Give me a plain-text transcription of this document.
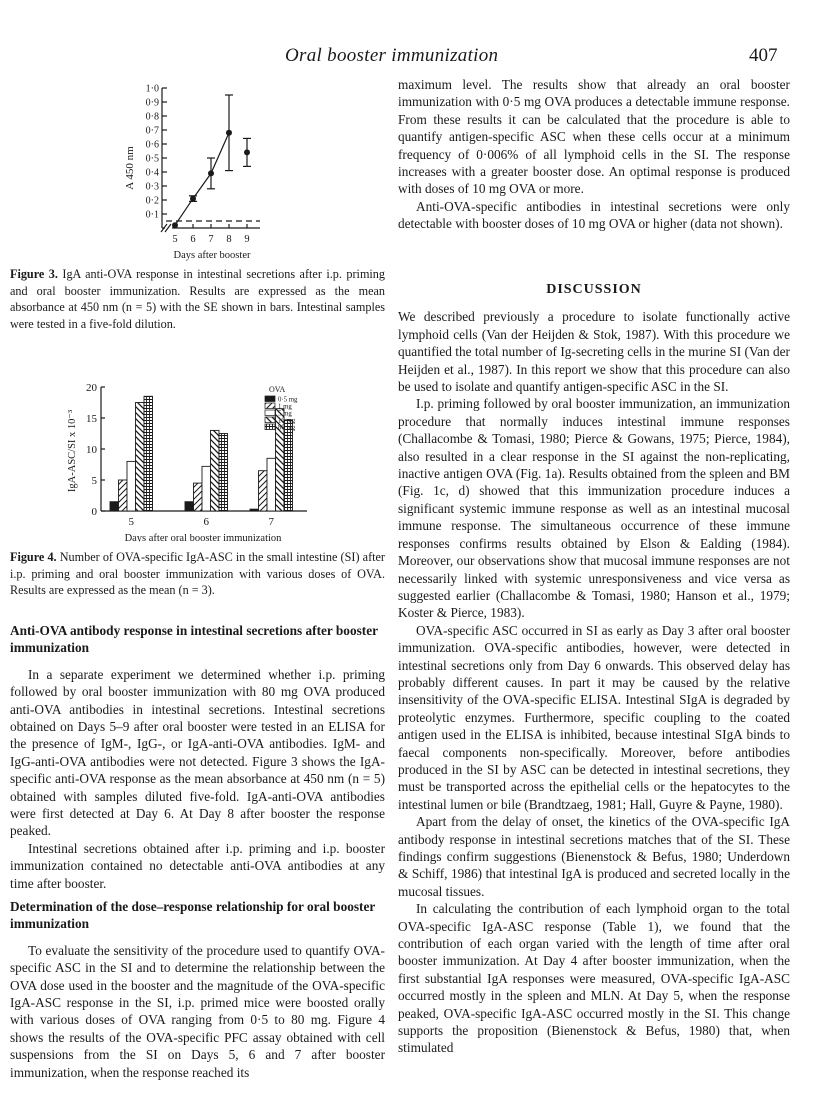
Oral booster immunization	407
0·1
0·2
0·3
0·4
0·5
0·6
0·7
0·8
0·9
1·0
5 6 7 8 9
A 450 nm
Days after booster
Figure 3. IgA anti-OVA response in intestinal secretions after i.p. priming and oral booster immunization. Results are expressed as the mean absorbance at 450 nm (n = 5) with the SE shown in bars. Intestinal samples were tested in a five-fold dilution.
0
5
10
15
20
5	6	7
IgA-ASC/SI x 10⁻³
Days after oral booster immunization
OVA
0·5 mg
1 mg
5 mg
10 mg
80 mg
Figure 4. Number of OVA-specific IgA-ASC in the small intestine (SI) after i.p. priming and oral booster immunization with various doses of OVA. Results are expressed as the mean (n = 3).
Anti-OVA antibody response in intestinal secretions after booster immunization

In a separate experiment we determined whether i.p. priming followed by oral booster immunization with 80 mg OVA produced anti-OVA antibodies in intestinal secretions. Intestinal secretions obtained on Days 5–9 after oral booster were tested in an ELISA for the presence of IgM-, IgG-, or IgA-anti-OVA antibodies. IgM- and IgG-anti-OVA antibodies were not detected. Figure 3 shows the IgA-specific anti-OVA response as the mean absorbance at 450 nm (n = 5) obtained with samples diluted five-fold. IgA-anti-OVA antibodies were first detected at Day 6. At Day 8 after booster the response peaked.

Intestinal secretions obtained after i.p. priming and i.p. booster immunization contained no detectable anti-OVA antibodies at any time after booster.

Determination of the dose–response relationship for oral booster immunization

To evaluate the sensitivity of the procedure used to quantify OVA-specific ASC in the SI and to determine the relationship between the OVA dose used in the booster and the magnitude of the OVA-specific IgA-ASC response in the SI, i.p. primed mice were boosted orally with various doses of OVA ranging from 0·5 to 80 mg. Figure 4 shows the results of the OVA-specific PFC assay obtained with cell suspensions from the SI on Days 5, 6 and 7 after booster immunization, when the response reached its

maximum level. The results show that already an oral booster immunization with 0·5 mg OVA produces a detectable immune response. From these results it can be calculated that the procedure is able to quantify antigen-specific ASC when these cells occur at a minimum frequency of 0·006% of all lymphoid cells in the SI. The response increases with a greater booster dose. An optimal response is produced with doses of 10 mg OVA or more.

Anti-OVA-specific antibodies in intestinal secretions were only detectable with booster doses of 10 mg OVA or higher (data not shown).

DISCUSSION

We described previously a procedure to isolate functionally active lymphoid cells (Van der Heijden & Stok, 1987). With this procedure we quantified the total number of Ig-secreting cells in the murine SI (Van der Heijden et al., 1987). In this report we show that this procedure can also be used to isolate and quantify antigen-specific ASC in the SI.

I.p. priming followed by oral booster immunization, an immunization procedure that normally induces intestinal immune responses (Challacombe & Tomasi, 1980; Pierce & Gowans, 1975; Pierce, 1984), also resulted in a clear response in the SI against the non-replicating, inactive antigen OVA (Fig. 1a). Results obtained from the spleen and BM (Fig. 1c, d) showed that this immunization procedure induces a significant systemic immune response as well as an intestinal mucosal immune response. The simultaneous occurrence of these immune responses confirms results obtained by Elson & Ealding (1984). Moreover, our observations show that mucosal immune responses are not necessarily linked with systemic unresponsiveness and vice versa as suggested earlier (Challacombe & Tomasi, 1980; Hanson et al., 1979; Koster & Pierce, 1983).

OVA-specific ASC occurred in SI as early as Day 3 after oral booster immunization. OVA-specific antibodies, however, were detected in intestinal secretions only from Day 6 onwards. This observed delay has probably different causes. In part it may be caused by the relative insensitivity of the OVA-specific ELISA. Intestinal SIgA is degraded by proteolytic enzymes. Furthermore, specific coupling to the coated antigen used in the ELISA is inhibited, because intestinal SIgA binds to faecal components non-specifically. Moreover, before antibodies produced in the SI by ASC can be detected in intestinal secretions, they must be transported across the epithelial cells or the hepatocytes to the intestinal lumen or bile (Brandtzaeg, 1981; Hall, Guyre & Payne, 1980).

Apart from the delay of onset, the kinetics of the OVA-specific IgA antibody response in intestinal secretions matches that of the SI. These findings confirm suggestions (Bienenstock & Befus, 1980; Underdown & Schiff, 1986) that intestinal IgA is produced and secreted locally in the mucosal tissues.

In calculating the contribution of each lymphoid organ to the total OVA-specific IgA-ASC response (Table 1), we found that the contribution of each organ varied with the length of time after oral booster immunization. At Day 4 after booster immunization, when the first substantial IgA responses were measured, OVA-specific IgA-ASC occurred mostly in the spleen and MLN. At Day 5, when the response peaked, OVA-specific IgA-ASC occurred mostly in the SI. This change supports the proposition (Bienenstock & Befus, 1980) that, when stimulated
